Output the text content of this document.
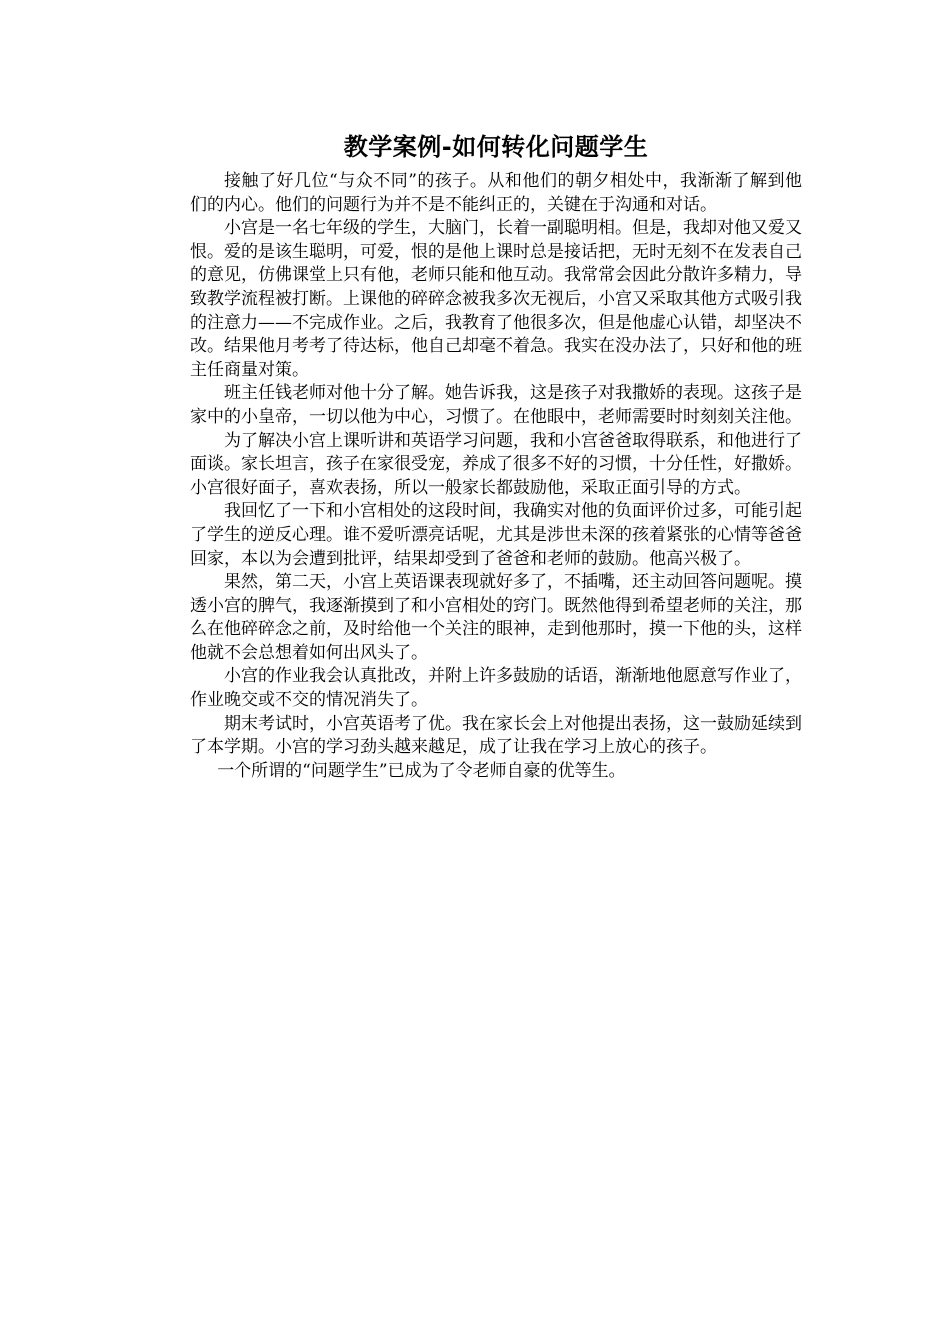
教学案例-如何转化问题学生

接触了好几位“与众不同”的孩子。从和他们的朝夕相处中，我渐渐了解到他们的内心。他们的问题行为并不是不能纠正的，关键在于沟通和对话。

小宫是一名七年级的学生，大脑门，长着一副聪明相。但是，我却对他又爱又恨。爱的是该生聪明，可爱，恨的是他上课时总是接话把，无时无刻不在发表自己的意见，仿佛课堂上只有他，老师只能和他互动。我常常会因此分散许多精力，导致教学流程被打断。上课他的碎碎念被我多次无视后，小宫又采取其他方式吸引我的注意力——不完成作业。之后，我教育了他很多次，但是他虚心认错，却坚决不改。结果他月考考了待达标，他自己却毫不着急。我实在没办法了，只好和他的班主任商量对策。

班主任钱老师对他十分了解。她告诉我，这是孩子对我撒娇的表现。这孩子是家中的小皇帝，一切以他为中心，习惯了。在他眼中，老师需要时时刻刻关注他。

为了解决小宫上课听讲和英语学习问题，我和小宫爸爸取得联系，和他进行了面谈。家长坦言，孩子在家很受宠，养成了很多不好的习惯，十分任性，好撒娇。小宫很好面子，喜欢表扬，所以一般家长都鼓励他，采取正面引导的方式。

我回忆了一下和小宫相处的这段时间，我确实对他的负面评价过多，可能引起了学生的逆反心理。谁不爱听漂亮话呢，尤其是涉世未深的孩着紧张的心情等爸爸回家，本以为会遭到批评，结果却受到了爸爸和老师的鼓励。他高兴极了。

果然，第二天，小宫上英语课表现就好多了，不插嘴，还主动回答问题呢。摸透小宫的脾气，我逐渐摸到了和小宫相处的窍门。既然他得到希望老师的关注，那么在他碎碎念之前，及时给他一个关注的眼神，走到他那时，摸一下他的头，这样他就不会总想着如何出风头了。

小宫的作业我会认真批改，并附上许多鼓励的话语，渐渐地他愿意写作业了，作业晚交或不交的情况消失了。

期末考试时，小宫英语考了优。我在家长会上对他提出表扬，这一鼓励延续到了本学期。小宫的学习劲头越来越足，成了让我在学习上放心的孩子。

一个所谓的“问题学生”已成为了令老师自豪的优等生。
